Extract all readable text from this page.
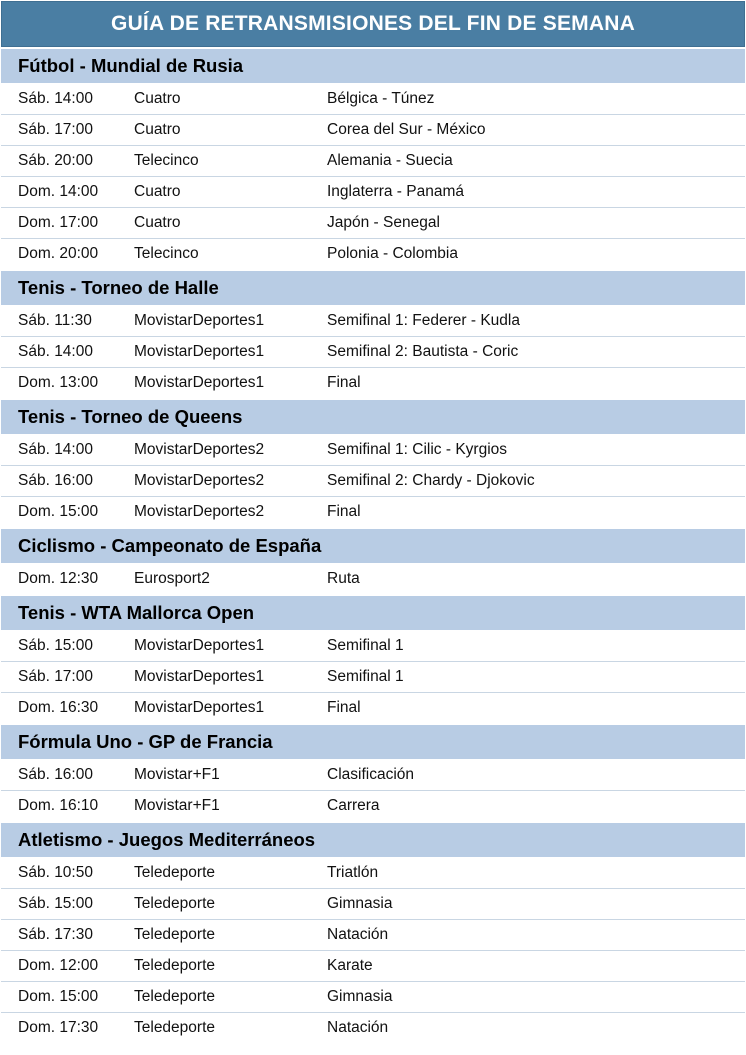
GUÍA DE RETRANSMISIONES DEL FIN DE SEMANA
Fútbol - Mundial de Rusia
Sáb. 14:00	Cuatro	Bélgica - Túnez
Sáb. 17:00	Cuatro	Corea del Sur - México
Sáb. 20:00	Telecinco	Alemania - Suecia
Dom. 14:00	Cuatro	Inglaterra - Panamá
Dom. 17:00	Cuatro	Japón - Senegal
Dom. 20:00	Telecinco	Polonia - Colombia
Tenis - Torneo de Halle
Sáb. 11:30	MovistarDeportes1	Semifinal 1: Federer - Kudla
Sáb. 14:00	MovistarDeportes1	Semifinal 2: Bautista - Coric
Dom. 13:00	MovistarDeportes1	Final
Tenis - Torneo de Queens
Sáb. 14:00	MovistarDeportes2	Semifinal 1: Cilic - Kyrgios
Sáb. 16:00	MovistarDeportes2	Semifinal 2: Chardy - Djokovic
Dom. 15:00	MovistarDeportes2	Final
Ciclismo - Campeonato de España
Dom. 12:30	Eurosport2	Ruta
Tenis - WTA Mallorca Open
Sáb. 15:00	MovistarDeportes1	Semifinal 1
Sáb. 17:00	MovistarDeportes1	Semifinal 1
Dom. 16:30	MovistarDeportes1	Final
Fórmula Uno - GP de Francia
Sáb. 16:00	Movistar+F1	Clasificación
Dom. 16:10	Movistar+F1	Carrera
Atletismo - Juegos Mediterráneos
Sáb. 10:50	Teledeporte	Triatlón
Sáb. 15:00	Teledeporte	Gimnasia
Sáb. 17:30	Teledeporte	Natación
Dom. 12:00	Teledeporte	Karate
Dom. 15:00	Teledeporte	Gimnasia
Dom. 17:30	Teledeporte	Natación
